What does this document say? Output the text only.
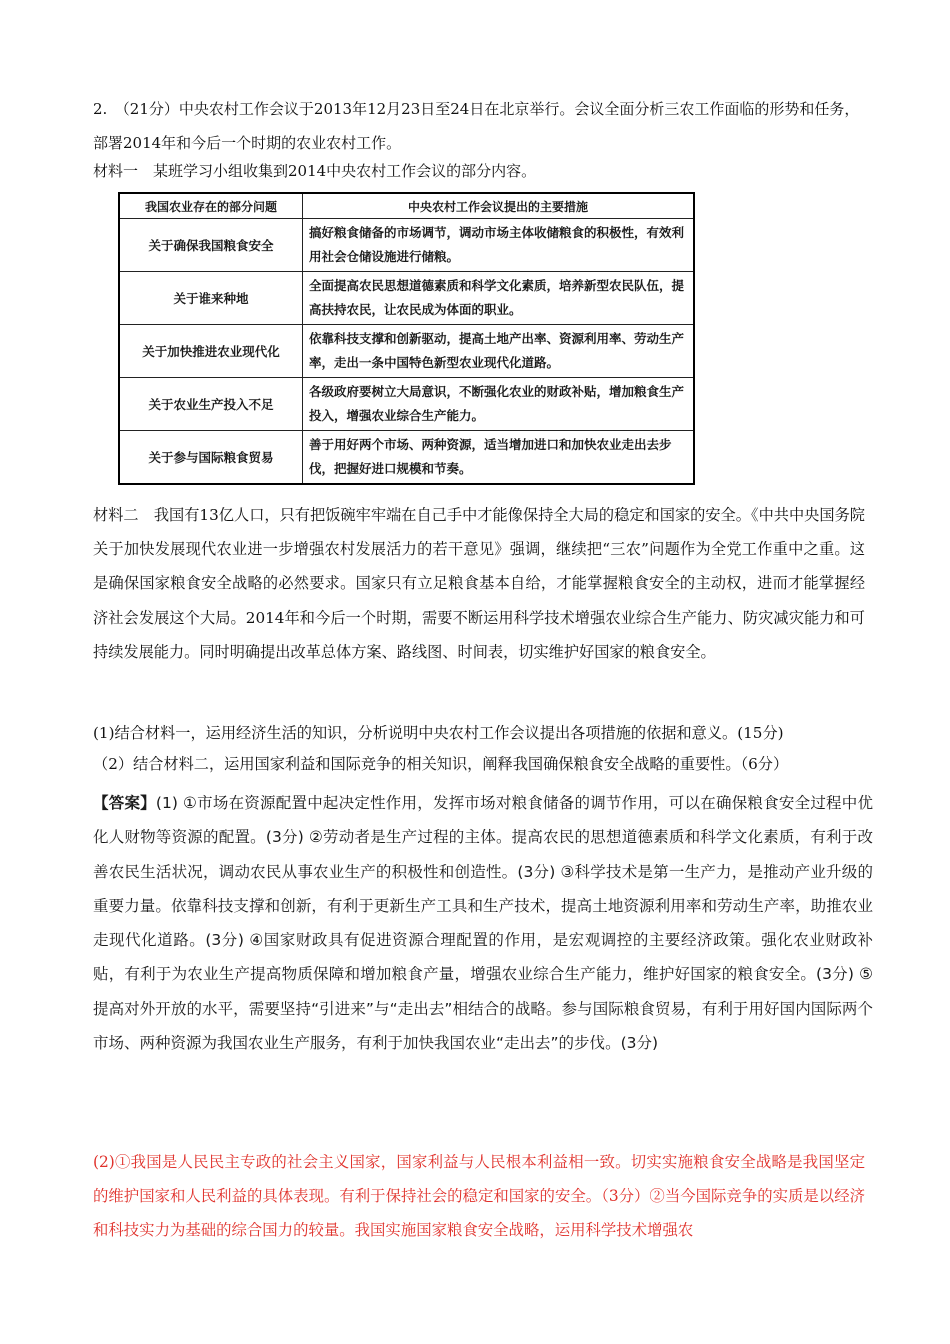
2.　（21分）中央农村工作会议于2013年12月23日至24日在北京举行。会议全面分析三农工作面临的形势和任务，部署2014年和今后一个时期的农业农村工作。
材料一　某班学习小组收集到2014中央农村工作会议的部分内容。
我国农业存在的部分问题	中央农村工作会议提出的主要措施
关于确保我国粮食安全	搞好粮食储备的市场调节，调动市场主体收储粮食的积极性，有效利用社会仓储设施进行储粮。
关于谁来种地	全面提高农民思想道德素质和科学文化素质，培养新型农民队伍，提高扶持农民，让农民成为体面的职业。
关于加快推进农业现代化	依靠科技支撑和创新驱动，提高土地产出率、资源利用率、劳动生产率，走出一条中国特色新型农业现代化道路。
关于农业生产投入不足	各级政府要树立大局意识，不断强化农业的财政补贴，增加粮食生产投入，增强农业综合生产能力。
关于参与国际粮食贸易	善于用好两个市场、两种资源，适当增加进口和加快农业走出去步伐，把握好进口规模和节奏。
材料二　我国有13亿人口，只有把饭碗牢牢端在自己手中才能像保持全大局的稳定和国家的安全。《中共中央国务院关于加快发展现代农业进一步增强农村发展活力的若干意见》强调，继续把“三农”问题作为全党工作重中之重。这是确保国家粮食安全战略的必然要求。国家只有立足粮食基本自给，才能掌握粮食安全的主动权，进而才能掌握经济社会发展这个大局。2014年和今后一个时期，需要不断运用科学技术增强农业综合生产能力、防灾减灾能力和可持续发展能力。同时明确提出改革总体方案、路线图、时间表，切实维护好国家的粮食安全。
(1)结合材料一，运用经济生活的知识，分析说明中央农村工作会议提出各项措施的依据和意义。(15分)
（2）结合材料二，运用国家利益和国际竞争的相关知识，阐释我国确保粮食安全战略的重要性。（6分）
【答案】(1) ①市场在资源配置中起决定性作用，发挥市场对粮食储备的调节作用，可以在确保粮食安全过程中优化人财物等资源的配置。(3分) ②劳动者是生产过程的主体。提高农民的思想道德素质和科学文化素质，有利于改善农民生活状况，调动农民从事农业生产的积极性和创造性。(3分) ③科学技术是第一生产力，是推动产业升级的重要力量。依靠科技支撑和创新，有利于更新生产工具和生产技术，提高土地资源利用率和劳动生产率，助推农业走现代化道路。(3分) ④国家财政具有促进资源合理配置的作用，是宏观调控的主要经济政策。强化农业财政补贴，有利于为农业生产提高物质保障和增加粮食产量，增强农业综合生产能力，维护好国家的粮食安全。(3分) ⑤提高对外开放的水平，需要坚持“引进来”与“走出去”相结合的战略。参与国际粮食贸易，有利于用好国内国际两个市场、两种资源为我国农业生产服务，有利于加快我国农业“走出去”的步伐。(3分)
(2)①我国是人民民主专政的社会主义国家，国家利益与人民根本利益相一致。切实实施粮食安全战略是我国坚定的维护国家和人民利益的具体表现。有利于保持社会的稳定和国家的安全。（3分）②当今国际竞争的实质是以经济和科技实力为基础的综合国力的较量。我国实施国家粮食安全战略，运用科学技术增强农
